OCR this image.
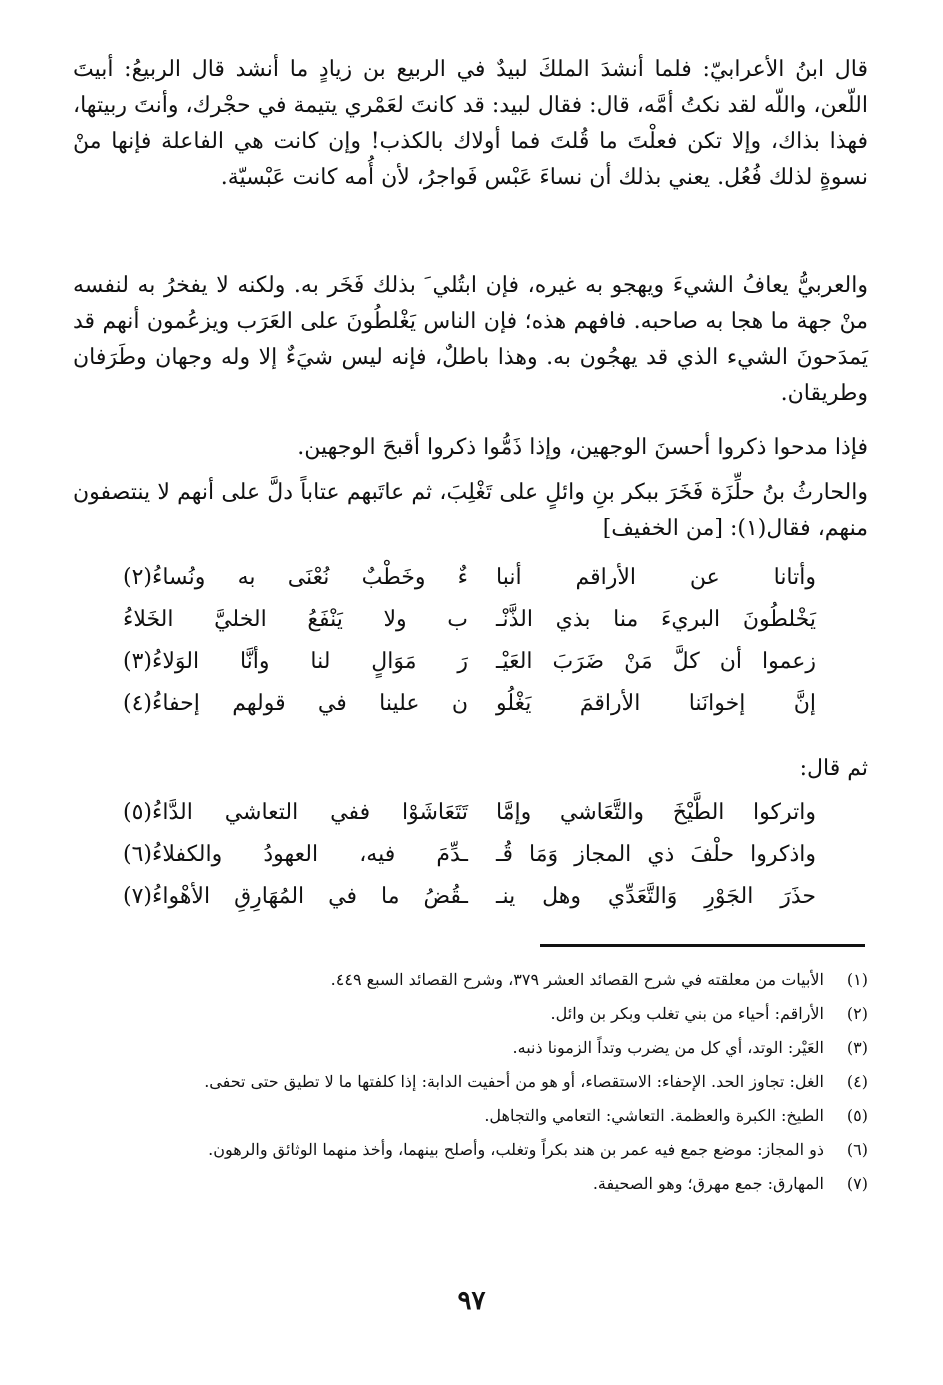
قال ابنُ الأعرابيّ: فلما أنشدَ الملكَ لبيدٌ في الربيع بن زيادٍ ما أنشد قال الربيعُ: أبيتَ اللّعن، واللّه لقد نكتُ أمَّه، قال: فقال لبيد: قد كانتَ لعَمْري يتيمة في حجْرك، وأنتَ ربيتها، فهذا بذاك، وإلا تكن فعلْتَ ما قُلتَ فما أولاك بالكذب! وإن كانت هي الفاعلة فإنها منْ نسوةٍ لذلك فُعُل. يعني بذلك أن نساءَ عَبْس فَواجرُ، لأن أُمه كانت عَبْسيّة.

والعربيُّ يعافُ الشيءَ ويهجو به غيره، فإن ابتُلي َ بذلك فَخَر به. ولكنه لا يفخرُ به لنفسه منْ جهة ما هجا به صاحبه. فافهم هذه؛ فإن الناس يَغْلطُونَ على العَرَب ويزعُمون أنهم قد يَمدَحونَ الشيء الذي قد يهجُون به. وهذا باطلٌ، فإنه ليس شيَءٌ إلا وله وجهان وطَرَفان وطريقان.

فإذا مدحوا ذكروا أحسنَ الوجهين، وإذا ذَمُّوا ذكروا أقبحَ الوجهين.

والحارثُ بنُ حلِّزَة فَخَرَ ببكر بنِ وائلٍ على تَغْلِبَ، ثم عاتَبهم عتاباً دلَّ على أنهم لا ينتصفون منهم، فقال(١): [من الخفيف]

وأتانا عن الأراقم أنبا
ءٌ وخَطْبٌ نُعْنَى به ونُساءُ(٢)
يَخْلطُونَ البريءَ منا بذي الذَّنْـ
ب ولا يَنْفَعُ الخليَّ الخَلاءُ
زعموا أن كلَّ مَنْ ضَرَبَ العَيْـ
رَ مَوَالٍ لنا وأنَّا الوَلاءُ(٣)
إنَّ إخوانَنا الأراقمَ يَغْلُو
ن علينا في قولهم إحفاءُ(٤)
ثم قال:
واتركوا الطَّيْخَ والتَّعَاشي وإمَّا
تَتَعَاشَوْا ففي التعاشي الدَّاءُ(٥)
واذكروا حلْفَ ذي المجاز وَمَا قُـ
ـدِّمَ فيه، العهودُ والكفلاءُ(٦)
حذَرَ الجَوْرِ وَالتَّعَدِّي وهل ينـ
ـقُضُ ما في المُهَارِقِ الأهْواءُ(٧)
(١)
الأبيات من معلقته في شرح القصائد العشر ٣٧٩، وشرح القصائد السبع ٤٤٩.
(٢)
الأراقم: أحياء من بني تغلب وبكر بن وائل.
(٣)
العَيْر: الوتد، أي كل من يضرب وتداً الزمونا ذنبه.
(٤)
الغل: تجاوز الحد. الإحفاء: الاستقصاء، أو هو من أحفيت الدابة: إذا كلفتها ما لا تطيق حتى تحفى.
(٥)
الطيخ: الكبرة والعظمة. التعاشي: التعامي والتجاهل.
(٦)
ذو المجاز: موضع جمع فيه عمر بن هند بكراً وتغلب، وأصلح بينهما، وأخذ منهما الوثائق والرهون.
(٧)
المهارق: جمع مهرق؛ وهو الصحيفة.
٩٧
